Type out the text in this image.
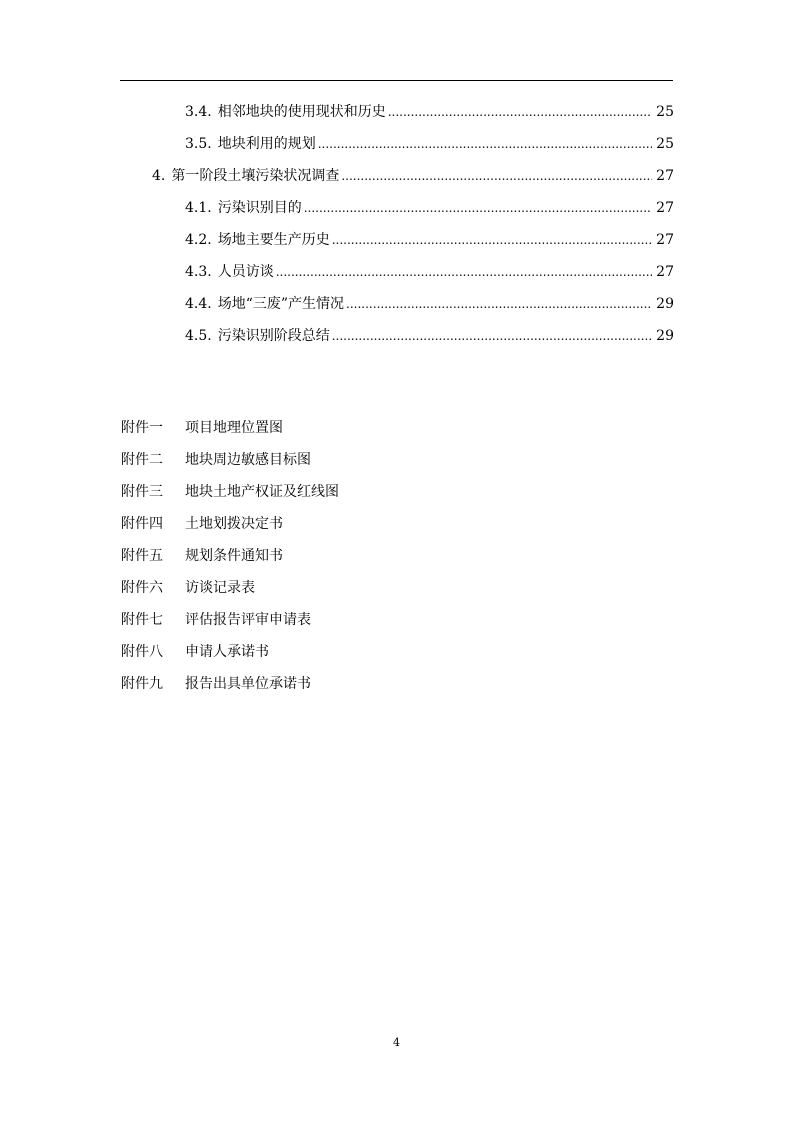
3.4. 相邻地块的使用现状和历史 .....	25
3.5. 地块利用的规划 .....	25
4. 第一阶段土壤污染状况调查 .....	27
4.1. 污染识别目的 .....	27
4.2. 场地主要生产历史 .....	27
4.3. 人员访谈 .....	27
4.4. 场地“三废”产生情况 .....	29
4.5. 污染识别阶段总结 .....	29
附件一	项目地理位置图
附件二	地块周边敏感目标图
附件三	地块土地产权证及红线图
附件四	土地划拨决定书
附件五	规划条件通知书
附件六	访谈记录表
附件七	评估报告评审申请表
附件八	申请人承诺书
附件九	报告出具单位承诺书
4
